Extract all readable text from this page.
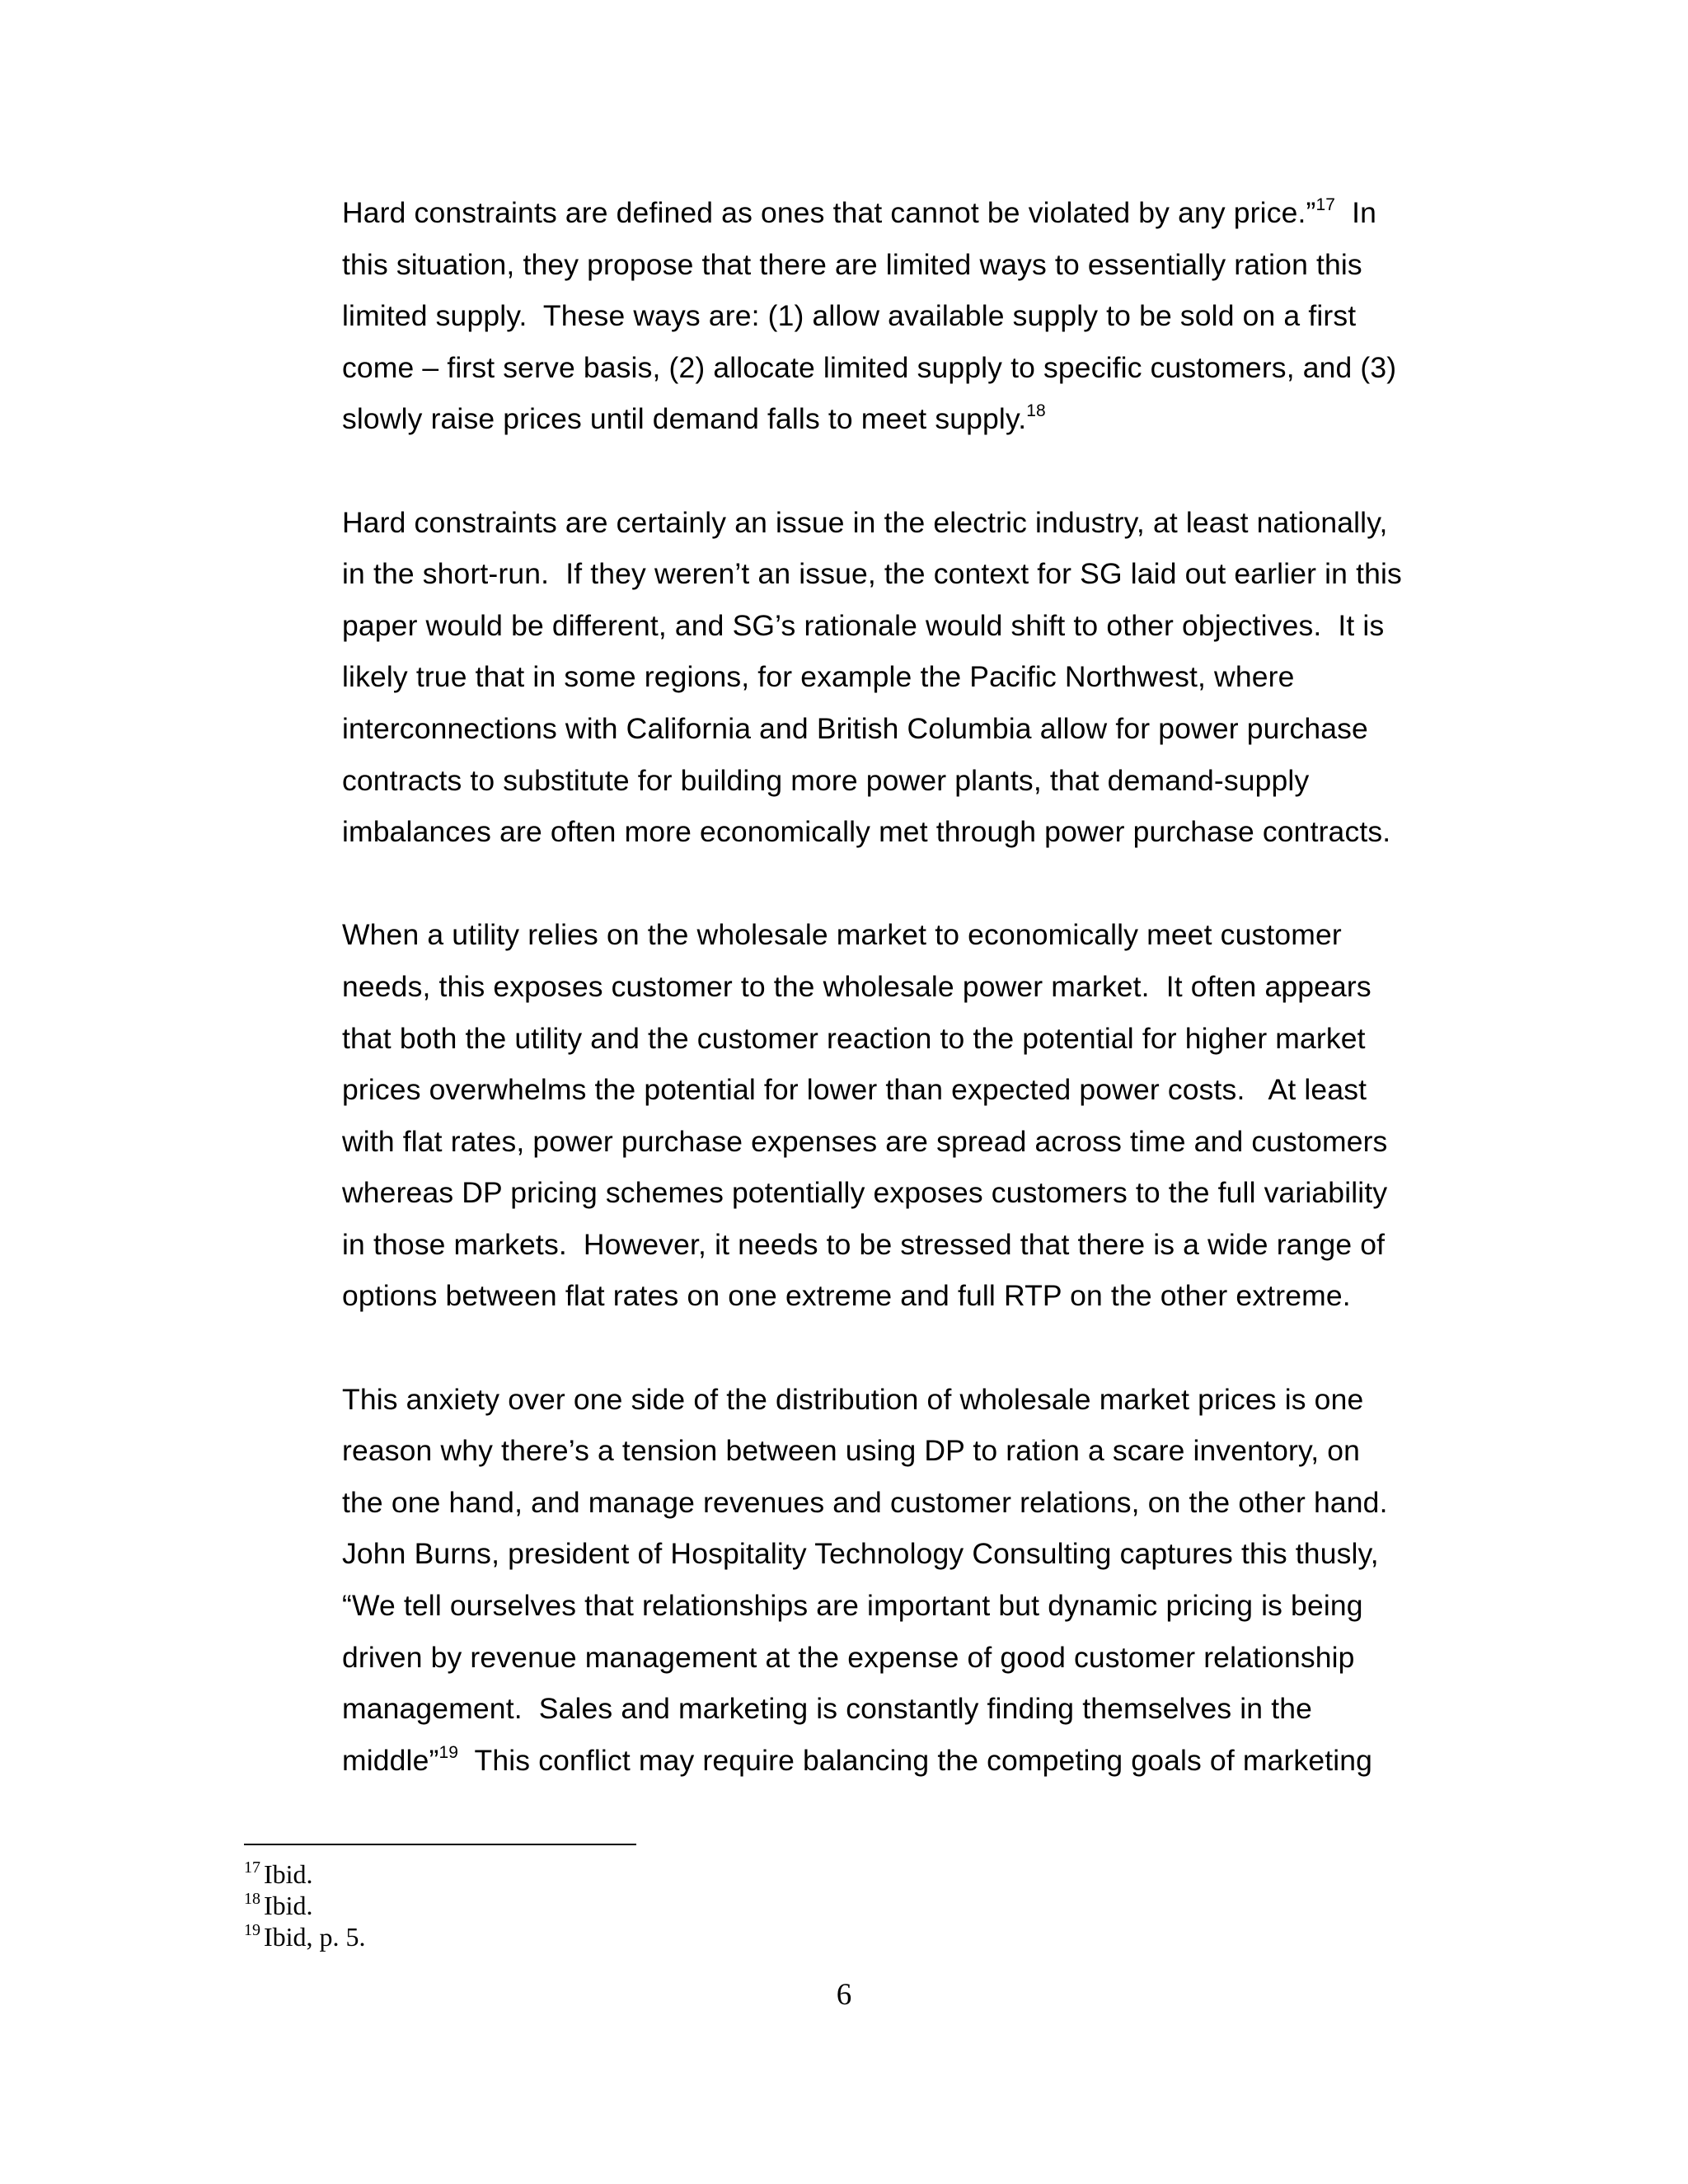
Hard constraints are defined as ones that cannot be violated by any price.”$^{17}$  In
this situation, they propose that there are limited ways to essentially ration this
limited supply.  These ways are: (1) allow available supply to be sold on a first
come – first serve basis, (2) allocate limited supply to specific customers, and (3)
slowly raise prices until demand falls to meet supply.$^{18}$
Hard constraints are certainly an issue in the electric industry, at least nationally,
in the short-run.  If they weren’t an issue, the context for SG laid out earlier in this
paper would be different, and SG’s rationale would shift to other objectives.  It is
likely true that in some regions, for example the Pacific Northwest, where
interconnections with California and British Columbia allow for power purchase
contracts to substitute for building more power plants, that demand-supply
imbalances are often more economically met through power purchase contracts.
When a utility relies on the wholesale market to economically meet customer
needs, this exposes customer to the wholesale power market.  It often appears
that both the utility and the customer reaction to the potential for higher market
prices overwhelms the potential for lower than expected power costs.   At least
with flat rates, power purchase expenses are spread across time and customers
whereas DP pricing schemes potentially exposes customers to the full variability
in those markets.  However, it needs to be stressed that there is a wide range of
options between flat rates on one extreme and full RTP on the other extreme.
This anxiety over one side of the distribution of wholesale market prices is one
reason why there’s a tension between using DP to ration a scare inventory, on
the one hand, and manage revenues and customer relations, on the other hand.
John Burns, president of Hospitality Technology Consulting captures this thusly,
“We tell ourselves that relationships are important but dynamic pricing is being
driven by revenue management at the expense of good customer relationship
management.  Sales and marketing is constantly finding themselves in the
middle”$^{19}$  This conflict may require balancing the competing goals of marketing
$^{17}$ Ibid.
$^{18}$ Ibid.
$^{19}$ Ibid, p. 5.
6
